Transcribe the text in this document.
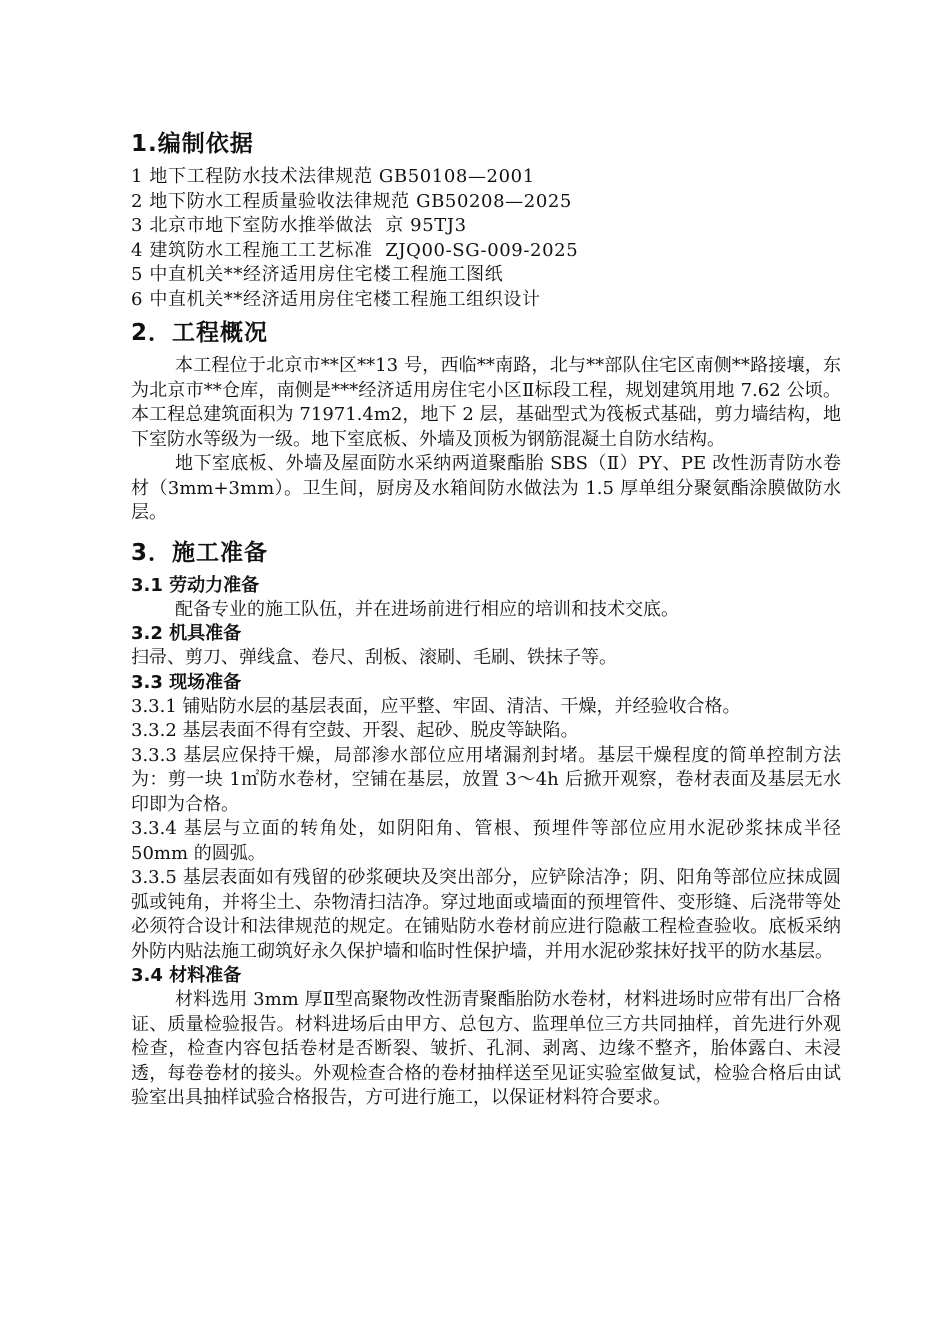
1.编制依据

1 地下工程防水技术法律规范 GB50108—2001

2 地下防水工程质量验收法律规范 GB50208—2025

3 北京市地下室防水推举做法  京 95TJ3

4 建筑防水工程施工工艺标准  ZJQ00-SG-009-2025

5 中直机关**经济适用房住宅楼工程施工图纸

6 中直机关**经济适用房住宅楼工程施工组织设计

2．工程概况

本工程位于北京市**区**13 号，西临**南路，北与**部队住宅区南侧**路接壤，东为北京市**仓库，南侧是***经济适用房住宅小区Ⅱ标段工程，规划建筑用地 7.62 公顷。本工程总建筑面积为 71971.4m2，地下 2 层，基础型式为筏板式基础，剪力墙结构，地下室防水等级为一级。地下室底板、外墙及顶板为钢筋混凝土自防水结构。

地下室底板、外墙及屋面防水采纳两道聚酯胎 SBS（Ⅱ）PY、PE 改性沥青防水卷材（3mm+3mm）。卫生间，厨房及水箱间防水做法为 1.5 厚单组分聚氨酯涂膜做防水层。

3．施工准备
3.1 劳动力准备

配备专业的施工队伍，并在进场前进行相应的培训和技术交底。

3.2 机具准备

扫帚、剪刀、弹线盒、卷尺、刮板、滚刷、毛刷、铁抹子等。

3.3 现场准备

3.3.1 铺贴防水层的基层表面，应平整、牢固、清洁、干燥，并经验收合格。

3.3.2 基层表面不得有空鼓、开裂、起砂、脱皮等缺陷。

3.3.3 基层应保持干燥，局部渗水部位应用堵漏剂封堵。基层干燥程度的简单控制方法为：剪一块 1㎡防水卷材，空铺在基层，放置 3～4h 后掀开观察，卷材表面及基层无水印即为合格。

3.3.4 基层与立面的转角处，如阴阳角、管根、预埋件等部位应用水泥砂浆抹成半径 50mm 的圆弧。

3.3.5 基层表面如有残留的砂浆硬块及突出部分，应铲除洁净；阴、阳角等部位应抹成圆弧或钝角，并将尘土、杂物清扫洁净。穿过地面或墙面的预埋管件、变形缝、后浇带等处必须符合设计和法律规范的规定。在铺贴防水卷材前应进行隐蔽工程检查验收。底板采纳外防内贴法施工砌筑好永久保护墙和临时性保护墙，并用水泥砂浆抹好找平的防水基层。

3.4 材料准备

材料选用 3mm 厚Ⅱ型高聚物改性沥青聚酯胎防水卷材，材料进场时应带有出厂合格证、质量检验报告。材料进场后由甲方、总包方、监理单位三方共同抽样，首先进行外观检查，检查内容包括卷材是否断裂、皱折、孔洞、剥离、边缘不整齐，胎体露白、未浸透，每卷卷材的接头。外观检查合格的卷材抽样送至见证实验室做复试，检验合格后由试验室出具抽样试验合格报告，方可进行施工，以保证材料符合要求。
